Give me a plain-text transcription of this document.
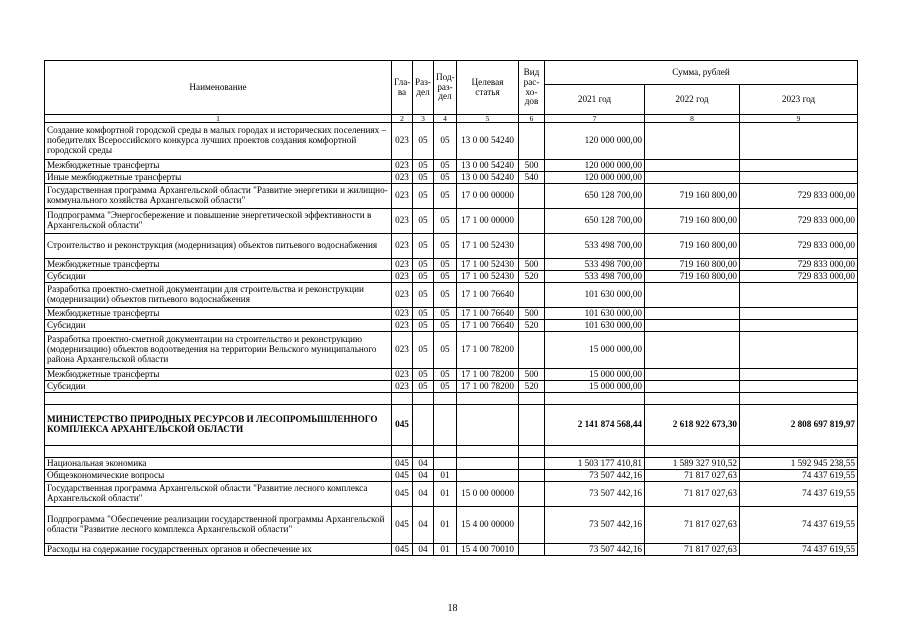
Наименование	Гла-ва	Раз-дел	Под-раз-дел	Целевая статья	Вид рас-хо-дов	Сумма, рублей		
						2021 год	2022 год	2023 год
1	2	3	4	5	6	7	8	9
Создание комфортной городской среды в малых городах и исторических поселениях – победителях Всероссийского конкурса лучших проектов создания комфортной городской среды	023	05	05	13 0 00 54240		120 000 000,00		
Межбюджетные трансферты	023	05	05	13 0 00 54240	500	120 000 000,00		
Иные межбюджетные трансферты	023	05	05	13 0 00 54240	540	120 000 000,00		
Государственная программа Архангельской области "Развитие энергетики и жилищно-коммунального хозяйства Архангельской области"	023	05	05	17 0 00 00000		650 128 700,00	719 160 800,00	729 833 000,00
Подпрограмма "Энергосбережение и повышение энергетической эффективности в Архангельской области"	023	05	05	17 1 00 00000		650 128 700,00	719 160 800,00	729 833 000,00
Строительство и реконструкция (модернизация) объектов питьевого водоснабжения	023	05	05	17 1 00 52430		533 498 700,00	719 160 800,00	729 833 000,00
Межбюджетные трансферты	023	05	05	17 1 00 52430	500	533 498 700,00	719 160 800,00	729 833 000,00
Субсидии	023	05	05	17 1 00 52430	520	533 498 700,00	719 160 800,00	729 833 000,00
Разработка проектно-сметной документации для строительства и реконструкции (модернизации) объектов питьевого водоснабжения	023	05	05	17 1 00 76640		101 630 000,00		
Межбюджетные трансферты	023	05	05	17 1 00 76640	500	101 630 000,00		
Субсидии	023	05	05	17 1 00 76640	520	101 630 000,00		
Разработка проектно-сметной документации на строительство и реконструкцию (модернизацию) объектов водоотведения на территории Вельского муниципального района Архангельской области	023	05	05	17 1 00 78200		15 000 000,00		
Межбюджетные трансферты	023	05	05	17 1 00 78200	500	15 000 000,00		
Субсидии	023	05	05	17 1 00 78200	520	15 000 000,00		

МИНИСТЕРСТВО ПРИРОДНЫХ РЕСУРСОВ И ЛЕСОПРОМЫШЛЕННОГО КОМПЛЕКСА АРХАНГЕЛЬСКОЙ ОБЛАСТИ	045					2 141 874 568,44	2 618 922 673,30	2 808 697 819,97

Национальная экономика	045	04				1 503 177 410,81	1 589 327 910,52	1 592 945 238,55
Общеэкономические вопросы	045	04	01			73 507 442,16	71 817 027,63	74 437 619,55
Государственная программа Архангельской области "Развитие лесного комплекса Архангельской области"	045	04	01	15 0 00 00000		73 507 442,16	71 817 027,63	74 437 619,55
Подпрограмма "Обеспечение реализации государственной программы Архангельской области "Развитие лесного комплекса Архангельской области"	045	04	01	15 4 00 00000		73 507 442,16	71 817 027,63	74 437 619,55
Расходы на содержание государственных органов и обеспечение их	045	04	01	15 4 00 70010		73 507 442,16	71 817 027,63	74 437 619,55
18
